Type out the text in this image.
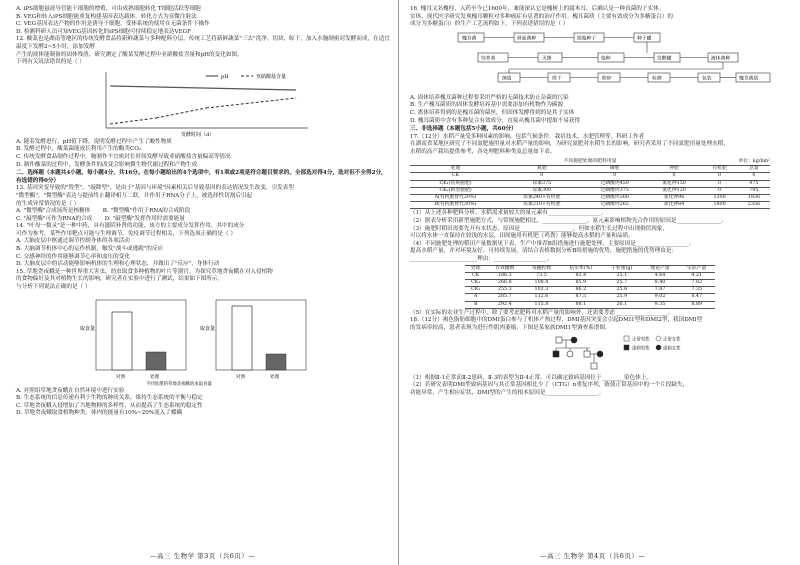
A. iPS细胞悬液导管能干细胞的增殖，可由成熟细胞转化 T细胞活跃等细胞

B. VEG和转入iPS细胞能重复构建基因表达载体，转化方式为显微注射法

C. VEG基因表达产物的作用是诱导干细胞，受体系统的使用在无菌条件下操作

D. 检测科研人员可知VEG基因转化的iPS细胞可持续稳定地表达VEGF

12. 酸菜也是湖南等地区的传统发酵食品将新鲜蔬菜与多种配料分层，传统工艺将新鲜蔬菜"三去"洗净、切块、晾干，加入水腌制密封发酵而成，在适宜温度下发酵2~5小时，添加发酵

产生的液体能制备的固体残渣，研究测定了酸菜发酵过程中亚硝酸盐含量和pH的变化如图。

下列有关说法错误的是（ ）

pH	亚硝酸盐含量
发酵时间（d）

A. 随着发酵进行，pH值下降，说明发酵过程中产生了酸性物质

B. 发酵过程中，酸菜菌能成长利用产生的酶类CO₂

C. 传统发酵食品制作过程中，腌制作不宜密封长时间发酵导致亚硝酸盐含量偏高等情况

D. 制作酸菜的过程中，发酵条件的改变会影响微生物代谢过程和产物生成

二、选择题（本题共4小题，每小题4分，共16分。在每小题给出的4个选项中，有1项或2项是符合题目要求的。全部选对得4分，选对但不全得2分，有选错的得0分）

13. 基因突变导致的"毁型"，"敲降型"，是由于"基因与环境"因素相关后导致基因的表达情况发生改变，引发表型

"微型酶"，"微型酶"表达与提前终止翻译相互二联，并作用于RNA分子上，被选择性切割后引起

的生成异常情况的是（ ）

A. "微型酶"合成场所是核糖体 B. "微型酶"作用于RNA的合成阶段

C. "敲型酶"可作为RNA的合成 D. "敲型酶"发挥作用时需要能量

14. "叶母一数灵"是一种中药，具有滋阴补肾的功能，该方的主要成分发挥作用，其中的成分

可作为参考，某些作用靶点可能与生理调节、免疫调节过程相关，下列选项正确的是（ ）

A. 大脑皮层中枢通过调节控制身体的各项活动

B. 大脑调节机体中心的运作机制，触发"战斗或逃跑"的反应

C. 交感神经的作用能够调节心率和血压的变化

D. 大脑皮层中的活动能够影响机体的生理和心理状态，并做出了"反应"，身体行动

15. 草地贪夜蛾是一种世界重大害虫，幼虫取食多种植物的叶片等器官。为探究草地贪夜蛾在对入侵植物

的食物偏好及其对植物生长的影响，研究者在实验中进行了测试，结果如下图所示。

与分析下列说法正确的是（ ）

对照	处理	对照	处理
取食量	取食量
不同处理的草地贪夜蛾幼虫取食量

A. 对照组草地贪夜蛾在自然环境中进行实验

B. 生态系统的信息传递有利于生物的种间关系，维持生态系统的平衡与稳定

C. 草地贪夜蛾入侵增加了当地物种的多样性，从而提高了生态系统的稳定性

D. 草地贪夜蛾取食植物种类，体内的能量有10%~20%流入了蝶螨

—高三 生物学 第3页（共6页）—

16. 槐耳又名槐栓，入药至今已1600年，兼能深认它是槐树上的腐木耳，后确认是一种真菌的子实体。

实体，现代医学研究发现槐耳颗粒对多种癌症有显著的治疗作用。槐耳菌质（主要有效成分为多糖蛋白）的

成分为多糖蛋白）的生产工艺流程如下，下列表述错误的是（ ）

槐耳菌	斜面菌种	摇瓶种子	种子罐
培养基	灭菌	接种	发酵罐	液体菌种
菌质	烘干	粉碎	检测	包装	槐耳菌质

A. 固体培养槐耳菌种过程要采用严格的无菌技术防止杂菌的污染

B. 生产槐耳菌质的固体发酵培养基中需要添加有机物作为碳源

C. 离体培养得到的是槐耳菌的菌丝，但固体发酵得到的是其子实体

D. 槐耳菌质中含有多种复合有效成分，直接从槐耳菌中提取不易获得

三、非选择题（本题包括5小题，共60分）

17.（12分）水稻产量受多种因素的影响，包括气候条件、栽培技术、水肥管理等。科研工作者

在湖南省某地区研究了不同氮肥施用量对水稻产量的影响，为研究氮肥对水稻生长的影响，研究者采用了不同氮肥用量处理水稻，

水稻的高产栽培提供参考，各处理肥料种类及总量如下表。

不同施肥处理的肥料用量	单位：kg/hm²
处理	氮肥	磷肥	钾肥	有机肥	总量
CK	0	0	0	0	0
CK₁(常规施肥)	尿素375	过磷酸钙450	氯化钾150	0	975
CK₂(新型施肥)	尿素300	过磷酸钙375	氯化钾120	0	795
A(有机肥替代20%)	尿素240+有机肥	过磷酸钙300	氯化钾96	1200	1836
B(有机肥替代30%)	尿素210+有机肥	过磷酸钙262	氯化钾84	1800	2356

（1）从上述各种肥料分析，水稻需求量较大的量元素有___________________。

（2）据表分析采用新型施肥方式，与常规施肥相比，________________，氮元素影响植物光合作用的原因是________________。

（3）施肥时稻田需要先开有水状态，原因是___________________，但如水稻生长过程中出现倒伏现象，

可以将水体一直保持在较浅的水层，田间施用有机肥（鸡粪）能够提高水稻的产量和品质，

（4）不同施肥处理的稻田产量数据见下表，生产中推荐B组措施进行施肥处理，主要原因是___________________。

提高水稻产量，并对环境友好、可持续发展，请结合表格数据分析B组措施的优势，施肥措施的优势理由是：

________________________理由：___________________。

处理	有效穗数	每穗粒数	结实率(%)	千粒重(g)	理论产量	实际产量
CK	186.3	73.5	82.4	25.1	4.64	4.21
CK₁	266.8	108.4	85.9	25.7	8.40	7.82
CK₂	255.3	102.3	86.2	25.6	7.87	7.35
A	285.7	112.6	87.5	25.9	9.02	8.47
B	292.4	115.8	88.1	26.1	9.35	8.89

（5）在实际的农业生产过程中，除了要考虑肥料对水稻产量的影响外，还需要考虑___________________。

18.（12分）褐色脂肪细胞中的DMI蛋白参与了机体产热过程，DMI基因突变会引起DMI1型和DMI2型，我国DMI型

的发病率较高，患者表现为进行性肌肉萎缩，下图是某家族DMI1型调查系谱图。

正常男性	正常女性
患病男性	患病女性

（1）根据Ⅱ-1正常而Ⅱ-2患病，Ⅱ-3的表型为Ⅱ-4正常，可以确定致病基因位于________染色体上。

（2）若研究表明DMI型致病基因与其正常基因相比少了（CTG）n重复序列，致使正常基因中的一个片段缺失，

功能异常，产生相应症状，DMI型的产生的根本原因是___________________。

—高三 生物学 第4页（共6页）—
